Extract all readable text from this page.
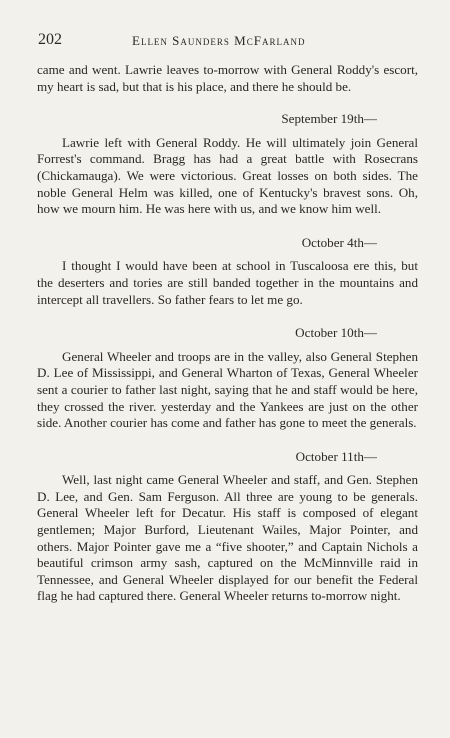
202	Ellen Saunders McFarland

came and went. Lawrie leaves to-morrow with General Roddy's escort, my heart is sad, but that is his place, and there he should be.

September 19th—

Lawrie left with General Roddy. He will ultimately join General Forrest's command. Bragg has had a great battle with Rosecrans (Chickamauga). We were victorious. Great losses on both sides. The noble General Helm was killed, one of Kentucky's bravest sons. Oh, how we mourn him. He was here with us, and we know him well.

October 4th—

I thought I would have been at school in Tuscaloosa ere this, but the deserters and tories are still banded together in the mountains and intercept all travellers. So father fears to let me go.

October 10th—

General Wheeler and troops are in the valley, also General Stephen D. Lee of Mississippi, and General Wharton of Texas, General Wheeler sent a courier to father last night, saying that he and staff would be here, they crossed the river. yesterday and the Yankees are just on the other side. Another courier has come and father has gone to meet the generals.

October 11th—

Well, last night came General Wheeler and staff, and Gen. Stephen D. Lee, and Gen. Sam Ferguson. All three are young to be generals. General Wheeler left for Decatur. His staff is composed of elegant gentlemen; Major Burford, Lieutenant Wailes, Major Pointer, and others. Major Pointer gave me a “five shooter,” and Captain Nichols a beautiful crimson army sash, captured on the McMinnville raid in Tennessee, and General Wheeler displayed for our benefit the Federal flag he had captured there. General Wheeler returns to-morrow night.
